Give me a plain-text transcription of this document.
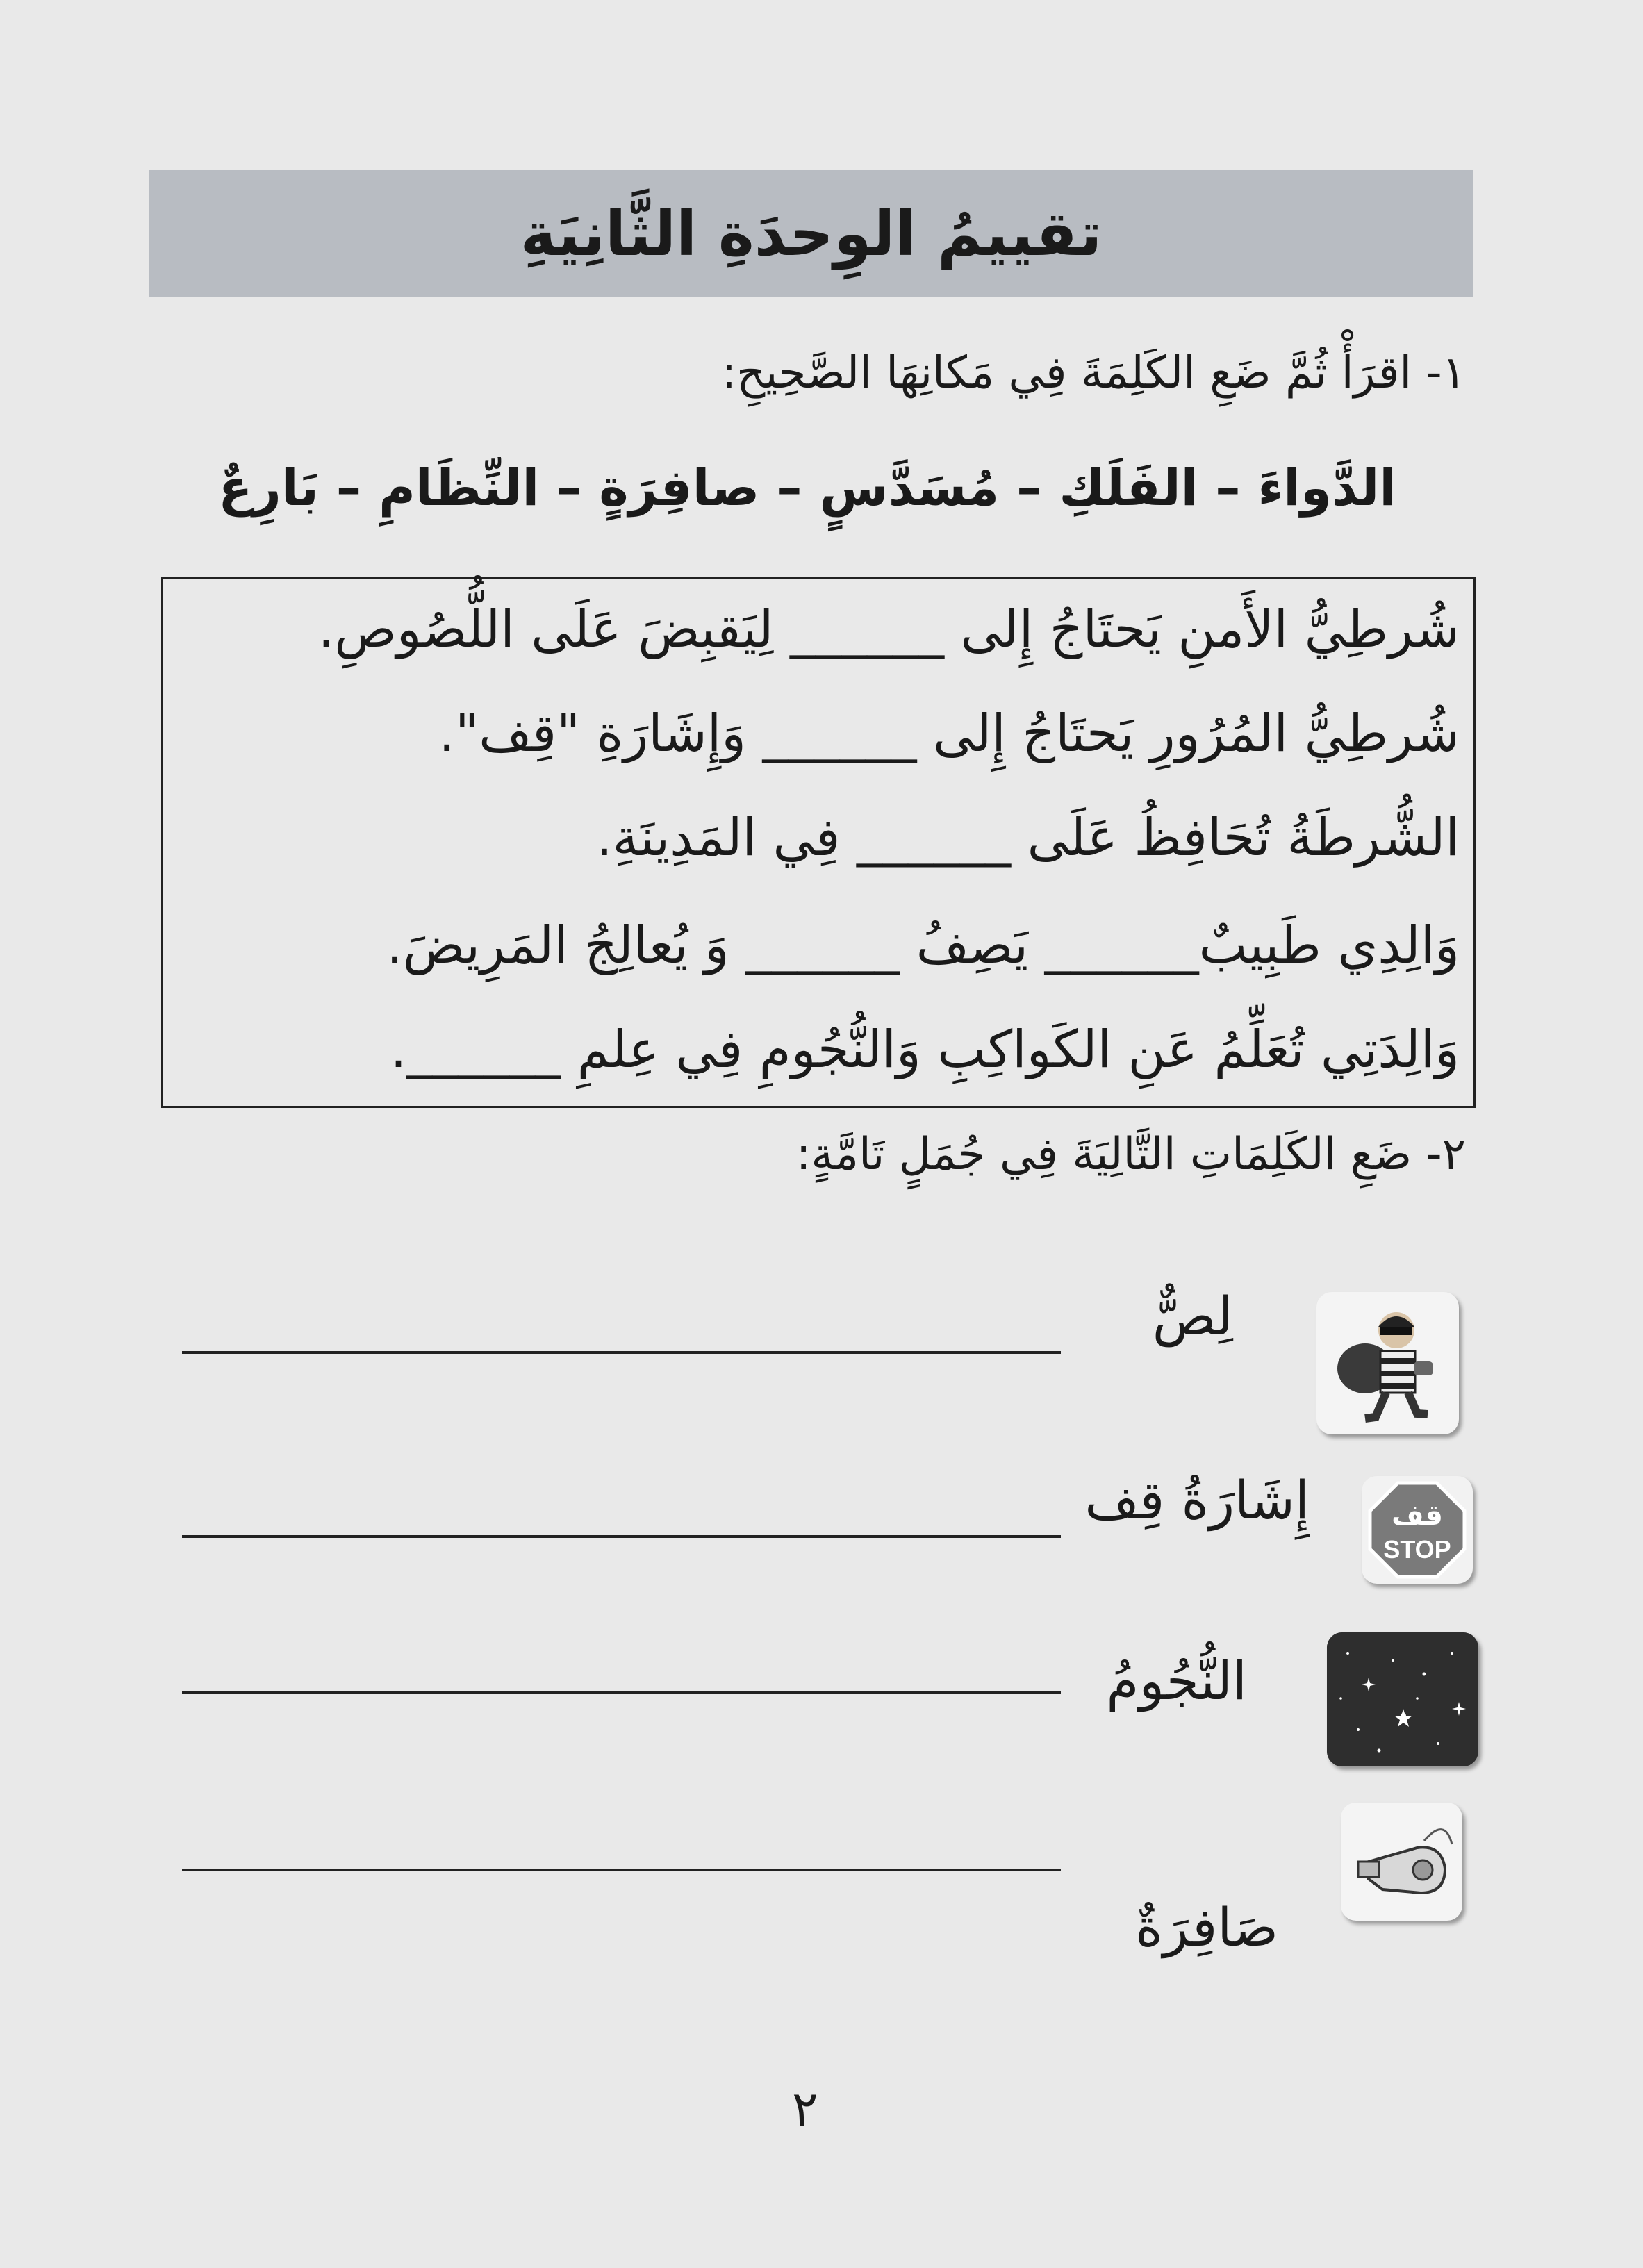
تقييمُ الوِحدَةِ الثَّانِيَةِ
١- اقرَأْ ثُمَّ ضَعِ الكَلِمَةَ فِي مَكانِهَا الصَّحِيحِ:
الدَّواءَ – الفَلَكِ – مُسَدَّسٍ – صافِرَةٍ – النِّظَامِ – بَارِعٌ
شُرطِيُّ الأَمنِ يَحتَاجُ إِلى ______ لِيَقبِضَ عَلَى اللُّصُوصِ.
شُرطِيُّ المُرُورِ يَحتَاجُ إِلى ______ وَإِشَارَةِ "قِف".
الشُّرطَةُ تُحَافِظُ عَلَى ______ فِي المَدِينَةِ.
وَالِدِي طَبِيبٌ______ يَصِفُ ______ وَ يُعالِجُ المَرِيضَ.
وَالِدَتِي تُعَلِّمُ عَنِ الكَواكِبِ وَالنُّجُومِ فِي عِلمِ ______.
٢- ضَعِ الكَلِمَاتِ التَّالِيَةَ فِي جُمَلٍ تَامَّةٍ:
لِصٌّ
قف
STOP
إِشَارَةُ قِف
النُّجُومُ
صَافِرَةٌ
٢
